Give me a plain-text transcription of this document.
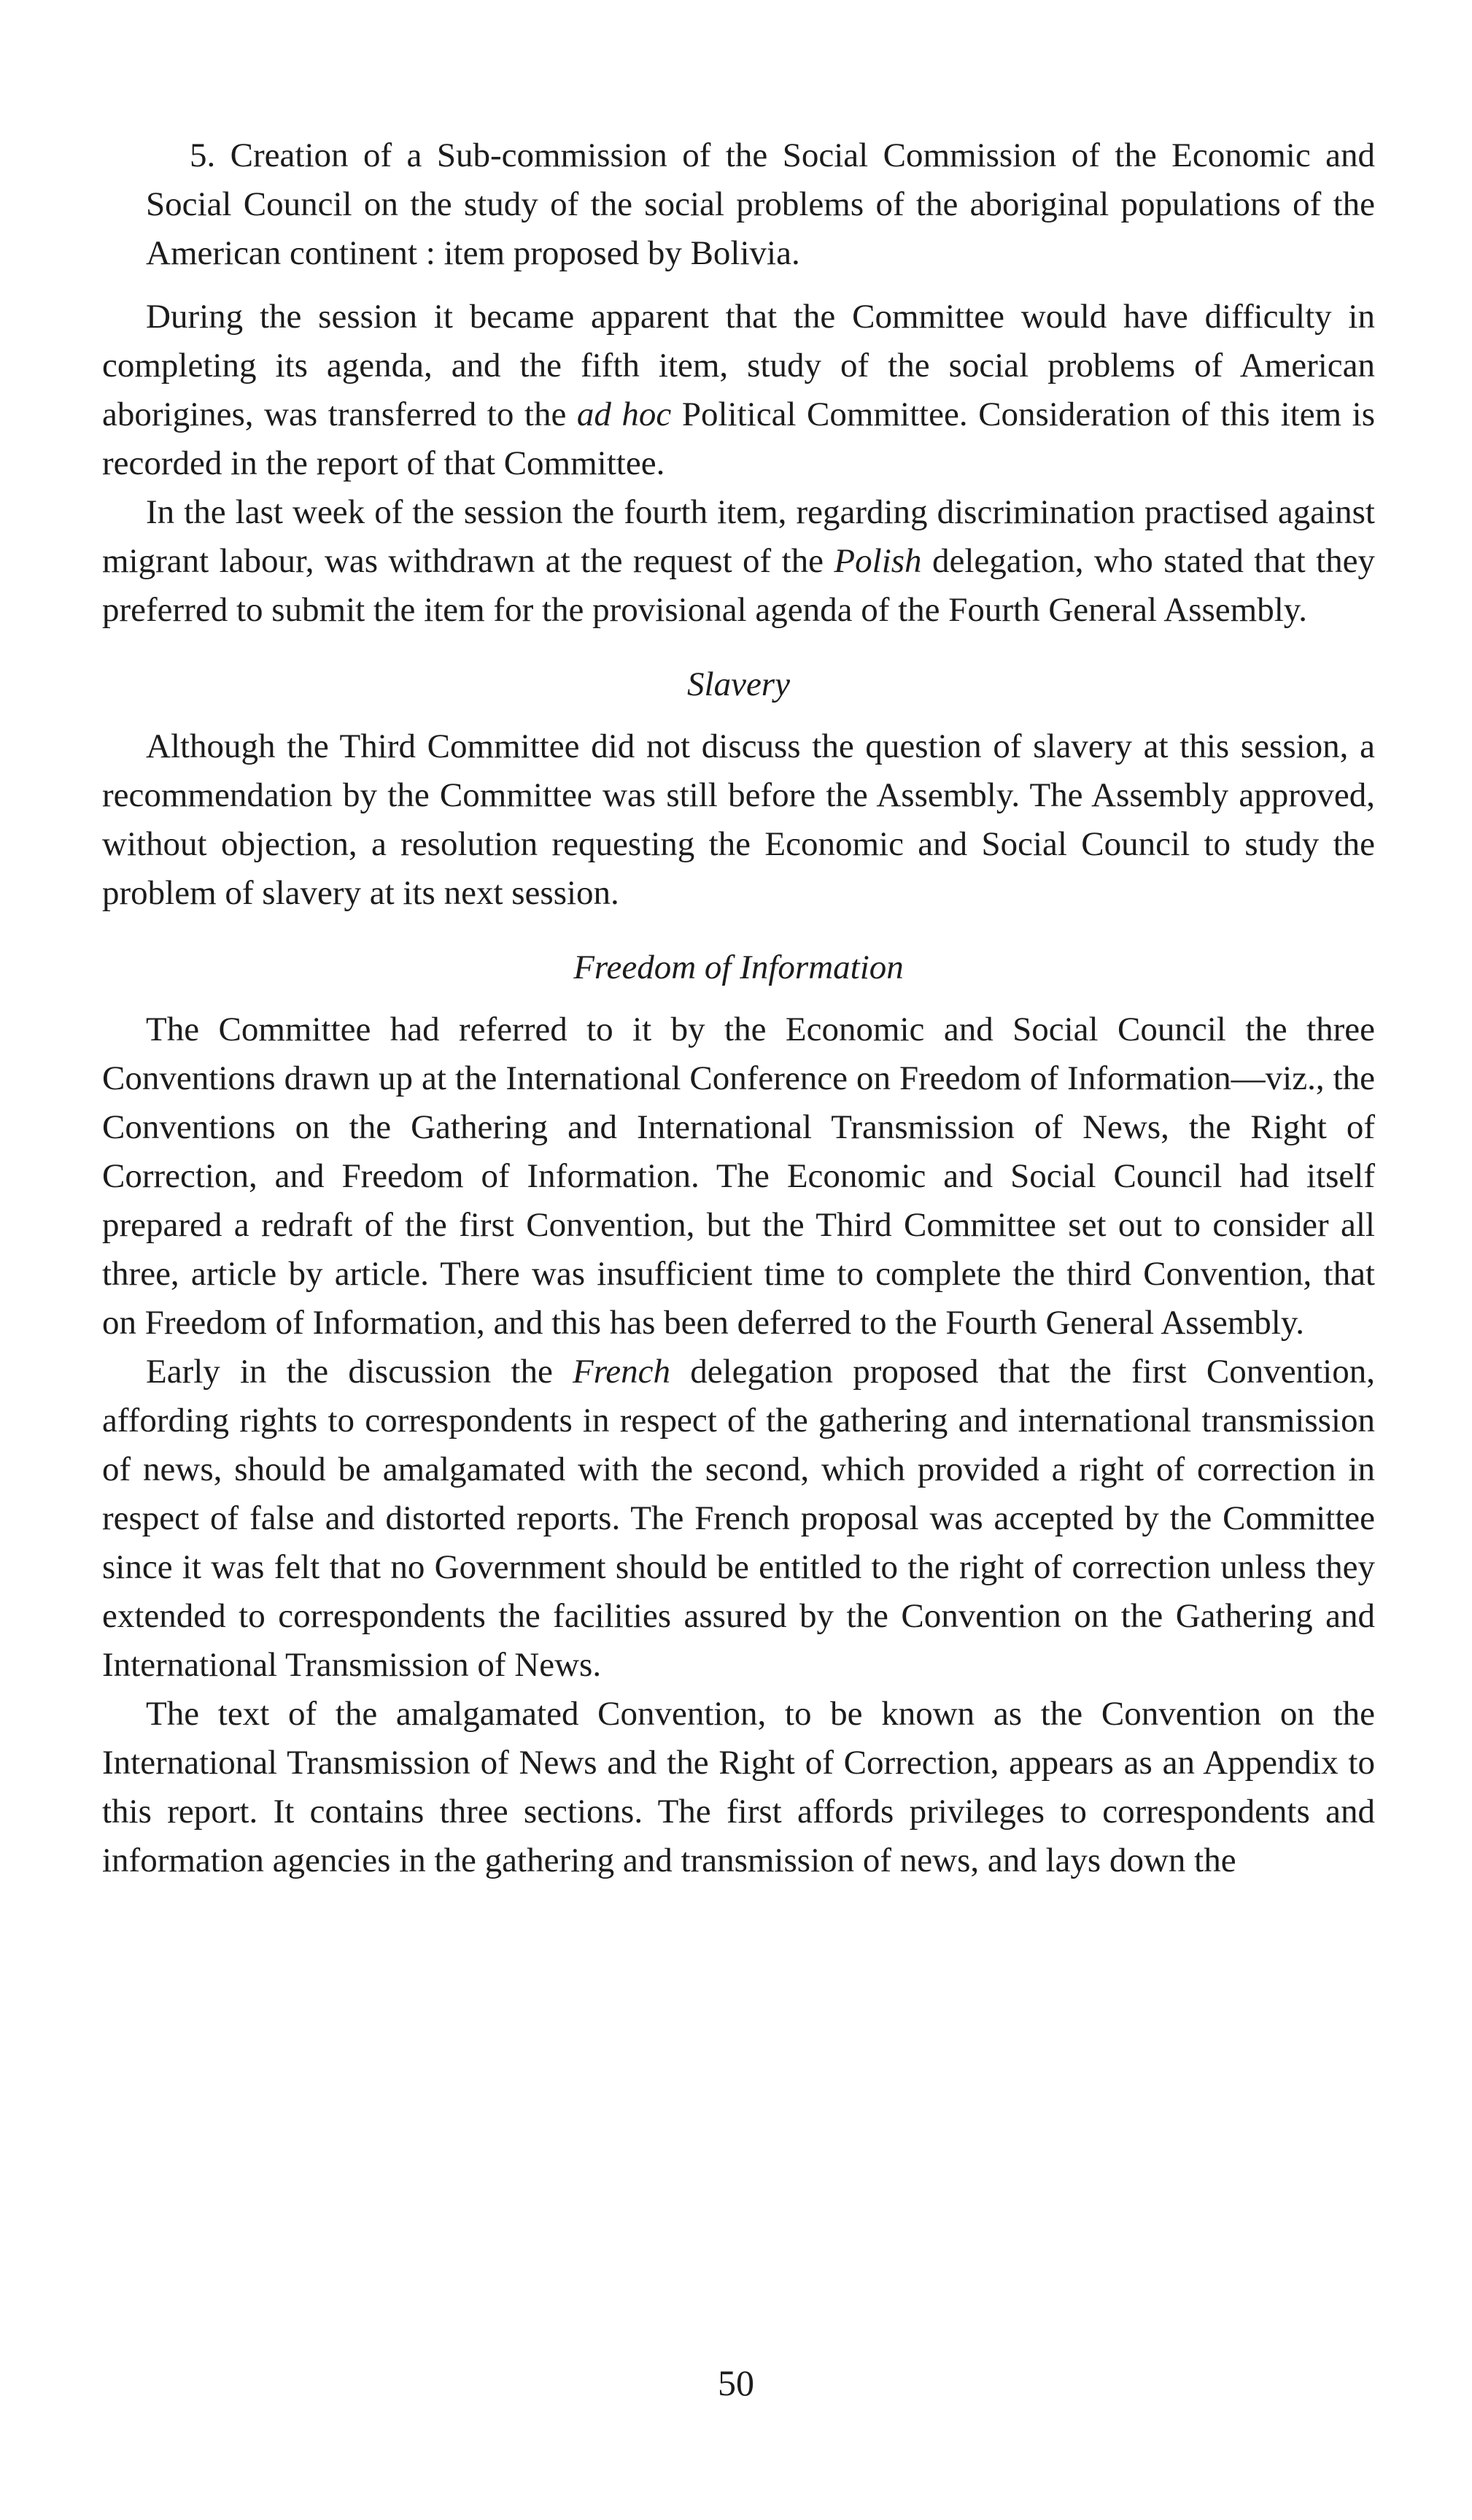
5. Creation of a Sub-commission of the Social Commission of the Economic and Social Council on the study of the social problems of the aboriginal populations of the American continent : item proposed by Bolivia.

During the session it became apparent that the Committee would have difficulty in completing its agenda, and the fifth item, study of the social problems of American aborigines, was transferred to the ad hoc Political Committee. Consideration of this item is recorded in the report of that Committee.

In the last week of the session the fourth item, regarding discrimination practised against migrant labour, was withdrawn at the request of the Polish delegation, who stated that they preferred to submit the item for the provisional agenda of the Fourth General Assembly.

Slavery

Although the Third Committee did not discuss the question of slavery at this session, a recommendation by the Committee was still before the Assembly. The Assembly approved, without objection, a resolution requesting the Economic and Social Council to study the problem of slavery at its next session.

Freedom of Information

The Committee had referred to it by the Economic and Social Council the three Conventions drawn up at the International Conference on Freedom of Information—viz., the Conventions on the Gathering and International Transmission of News, the Right of Correction, and Freedom of Information. The Economic and Social Council had itself prepared a redraft of the first Convention, but the Third Committee set out to consider all three, article by article. There was insufficient time to complete the third Convention, that on Freedom of Information, and this has been deferred to the Fourth General Assembly.

Early in the discussion the French delegation proposed that the first Convention, affording rights to correspondents in respect of the gathering and international transmission of news, should be amalgamated with the second, which provided a right of correction in respect of false and distorted reports. The French proposal was accepted by the Committee since it was felt that no Government should be entitled to the right of correction unless they extended to correspondents the facilities assured by the Convention on the Gathering and International Transmission of News.

The text of the amalgamated Convention, to be known as the Convention on the International Transmission of News and the Right of Correction, appears as an Appendix to this report. It contains three sections. The first affords privileges to correspondents and information agencies in the gathering and transmission of news, and lays down the

50
